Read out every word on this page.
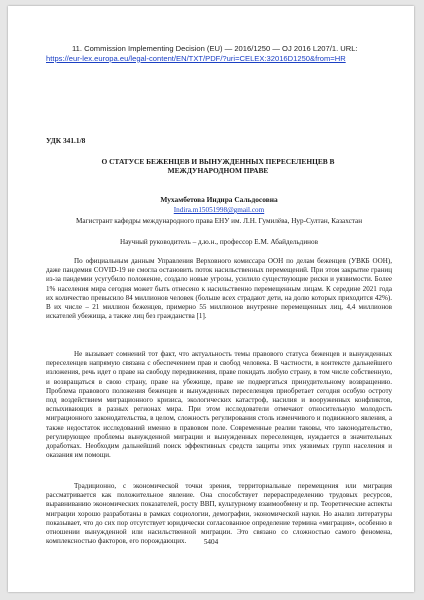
11. Commission Implementing Decision (EU) — 2016/1250 — OJ 2016 L207/1. URL:
https://eur-lex.europa.eu/legal-content/EN/TXT/PDF/?uri=CELEX:32016D1250&from=HR
УДК 341.1/8
О СТАТУСЕ БЕЖЕНЦЕВ И ВЫНУЖДЕННЫХ ПЕРЕСЕЛЕНЦЕВ В МЕЖДУНАРОДНОМ ПРАВЕ
Мухамбетова Индира Сальдосовна
Indira.m15051998@gmail.com
Магистрант кафедры международного права ЕНУ им. Л.Н. Гумилёва, Нур-Султан, Казахстан
Научный руководитель – д.ю.н., профессор Е.М. Абайдельдинов
По официальным данным Управления Верховного комиссара ООН по делам беженцев (УВКБ ООН), даже пандемия COVID-19 не смогла остановить поток насильственных перемещений. При этом закрытие границ из-за пандемии усугубило положение, создало новые угрозы, усилило существующие риски и уязвимости. Более 1% населения мира сегодня может быть отнесено к насильственно перемещенным лицам. К середине 2021 года их количество превысило 84 миллионов человек (больше всех страдают дети, на долю которых приходится 42%). В их числе – 21 миллион беженцев, примерно 55 миллионов внутренне перемещенных лиц, 4,4 миллионов искателей убежища, а также лиц без гражданства [1].
Не вызывает сомнений тот факт, что актуальность темы правового статуса беженцев и вынужденных переселенцев напрямую связана с обеспечением прав и свобод человека. В частности, в контексте дальнейшего изложения, речь идет о праве на свободу передвижения, праве покидать любую страну, в том числе собственную, и возвращаться в свою страну, праве на убежище, праве не подвергаться принудительному возвращению. Проблема правового положения беженцев и вынужденных переселенцев приобретает сегодня особую остроту под воздействием миграционного кризиса, экологических катастроф, насилия и вооруженных конфликтов, вспыхивающих в разных регионах мира. При этом исследователи отмечают относительную молодость миграционного законодательства, в целом, сложность регулирования столь изменчивого и подвижного явления, а также недостаток исследований именно в правовом поле. Современные реалии таковы, что законодательство, регулирующее проблемы вынужденной миграции и вынужденных переселенцев, нуждается в значительных доработках. Необходим дальнейший поиск эффективных средств защиты этих уязвимых групп населения и оказания им помощи.
Традиционно, с экономической точки зрения, территориальные перемещения или миграция рассматривается как положительное явление. Она способствует перераспределению трудовых ресурсов, выравниванию экономических показателей, росту ВВП, культурному взаимообмену и пр. Теоретические аспекты миграции хорошо разработаны в рамках социологии, демографии, экономической науки. Но анализ литературы показывает, что до сих пор отсутствует юридически согласованное определение термина «миграция», особенно в отношении вынужденной или насильственной миграции. Это связано со сложностью самого феномена, комплексностью факторов, его порождающих.	5404
